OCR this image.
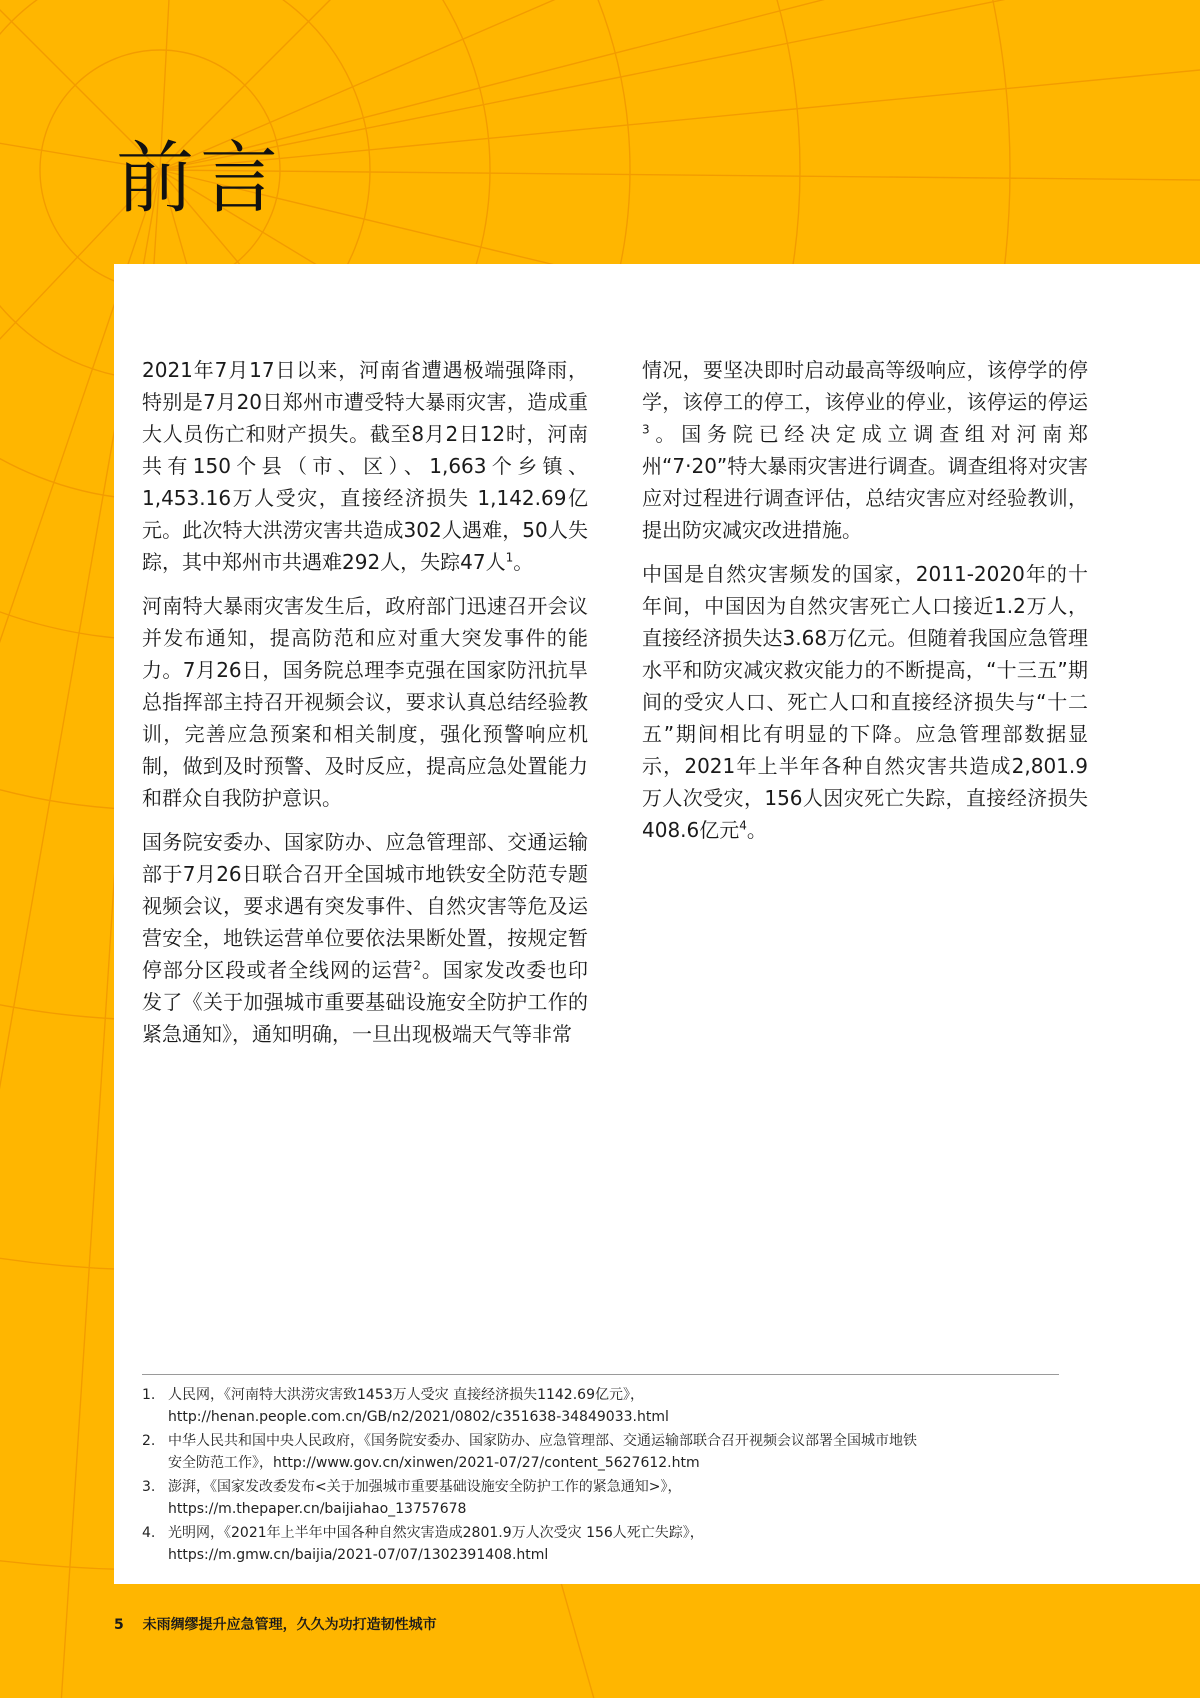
前言

2021年7月17日以来，河南省遭遇极端强降雨，特别是7月20日郑州市遭受特大暴雨灾害，造成重大人员伤亡和财产损失。截至8月2日12时，河南共有150个县（市、区）、1,663个乡镇、1,453.16万人受灾，直接经济损失 1,142.69亿元。此次特大洪涝灾害共造成302人遇难，50人失踪，其中郑州市共遇难292人，失踪47人$^1$。

河南特大暴雨灾害发生后，政府部门迅速召开会议并发布通知，提高防范和应对重大突发事件的能力。7月26日，国务院总理李克强在国家防汛抗旱总指挥部主持召开视频会议，要求认真总结经验教训，完善应急预案和相关制度，强化预警响应机制，做到及时预警、及时反应，提高应急处置能力和群众自我防护意识。

国务院安委办、国家防办、应急管理部、交通运输部于7月26日联合召开全国城市地铁安全防范专题视频会议，要求遇有突发事件、自然灾害等危及运营安全，地铁运营单位要依法果断处置，按规定暂停部分区段或者全线网的运营$^2$。国家发改委也印发了《关于加强城市重要基础设施安全防护工作的紧急通知》，通知明确，一旦出现极端天气等非常

情况，要坚决即时启动最高等级响应，该停学的停学，该停工的停工，该停业的停业，该停运的停运$^3$。国务院已经决定成立调查组对河南郑州“7·20”特大暴雨灾害进行调查。调查组将对灾害应对过程进行调查评估，总结灾害应对经验教训，提出防灾减灾改进措施。

中国是自然灾害频发的国家，2011-2020年的十年间，中国因为自然灾害死亡人口接近1.2万人，直接经济损失达3.68万亿元。但随着我国应急管理水平和防灾减灾救灾能力的不断提高，“十三五”期间的受灾人口、死亡人口和直接经济损失与“十二五”期间相比有明显的下降。应急管理部数据显示，2021年上半年各种自然灾害共造成2,801.9万人次受灾，156人因灾死亡失踪，直接经济损失408.6亿元$^4$。

1. 人民网，《河南特大洪涝灾害致1453万人受灾 直接经济损失1142.69亿元》，
http://henan.people.com.cn/GB/n2/2021/0802/c351638-34849033.html
2. 中华人民共和国中央人民政府，《国务院安委办、国家防办、应急管理部、交通运输部联合召开视频会议部署全国城市地铁
安全防范工作》，http://www.gov.cn/xinwen/2021-07/27/content_5627612.htm
3. 澎湃，《国家发改委发布<关于加强城市重要基础设施安全防护工作的紧急通知>》，
https://m.thepaper.cn/baijiahao_13757678
4. 光明网，《2021年上半年中国各种自然灾害造成2801.9万人次受灾 156人死亡失踪》，
https://m.gmw.cn/baijia/2021-07/07/1302391408.html
5 未雨绸缪提升应急管理，久久为功打造韧性城市
